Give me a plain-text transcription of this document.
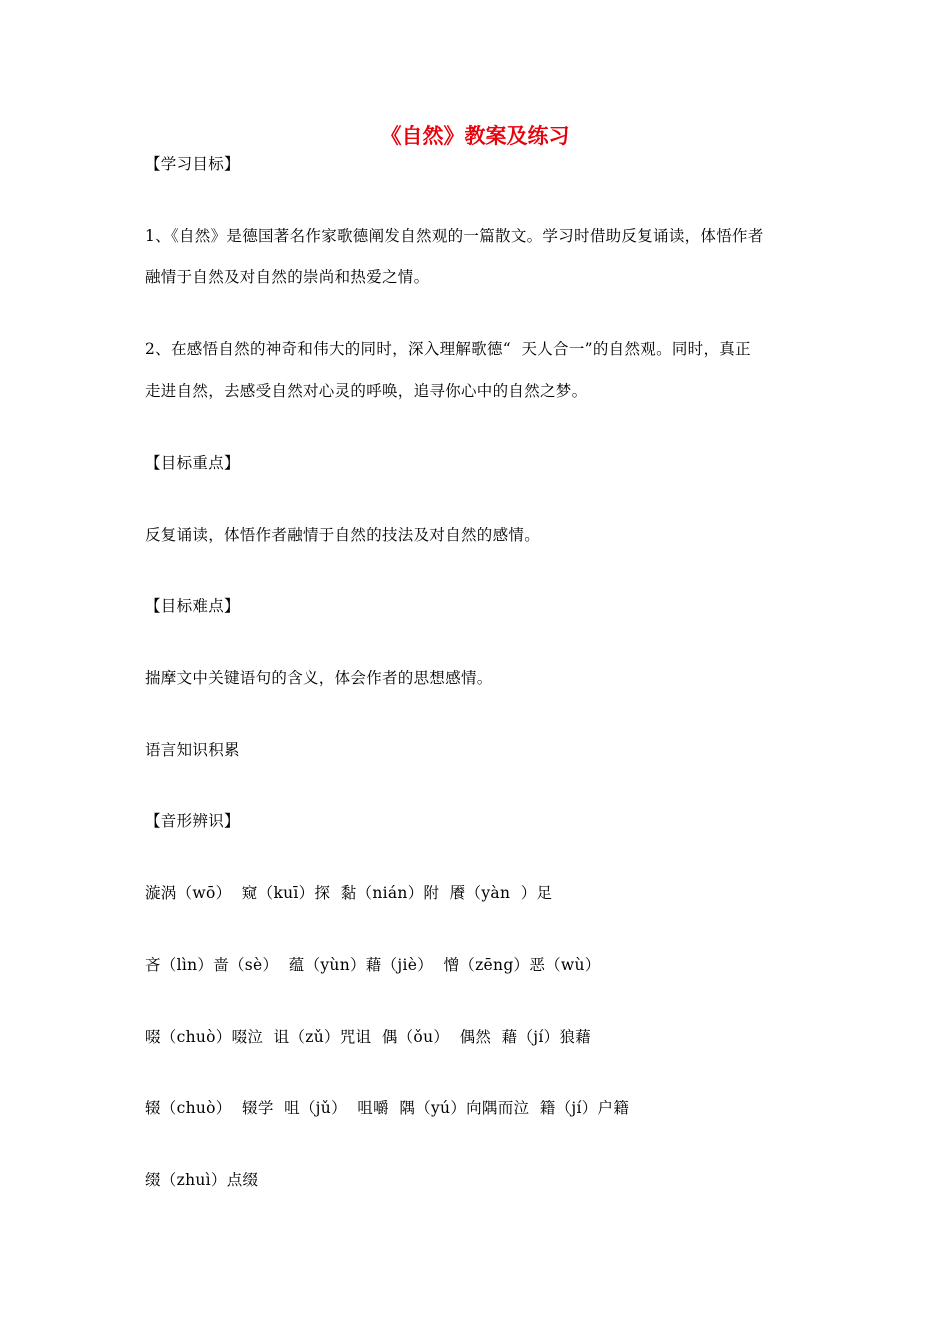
《自然》教案及练习
【学习目标】
1、《自然》是德国著名作家歌德阐发自然观的一篇散文。学习时借助反复诵读，体悟作者
融情于自然及对自然的崇尚和热爱之情。
2、在感悟自然的神奇和伟大的同时，深入理解歌德“  天人合一”的自然观。同时，真正
走进自然，去感受自然对心灵的呼唤，追寻你心中的自然之梦。
【目标重点】
反复诵读，体悟作者融情于自然的技法及对自然的感情。
【目标难点】
揣摩文中关键语句的含义，体会作者的思想感情。
语言知识积累
【音形辨识】
漩涡（wō）  窥（kuī）探  黏（nián）附  餍（yàn  ）足
吝（lìn）啬（sè）  蕴（yùn）藉（jiè）  憎（zēng）恶（wù）
啜（chuò）啜泣  诅（zǔ）咒诅  偶（ǒu）  偶然  藉（jí）狼藉
辍（chuò）  辍学  咀（jǔ）  咀嚼  隅（yú）向隅而泣  籍（jí）户籍
缀（zhuì）点缀
